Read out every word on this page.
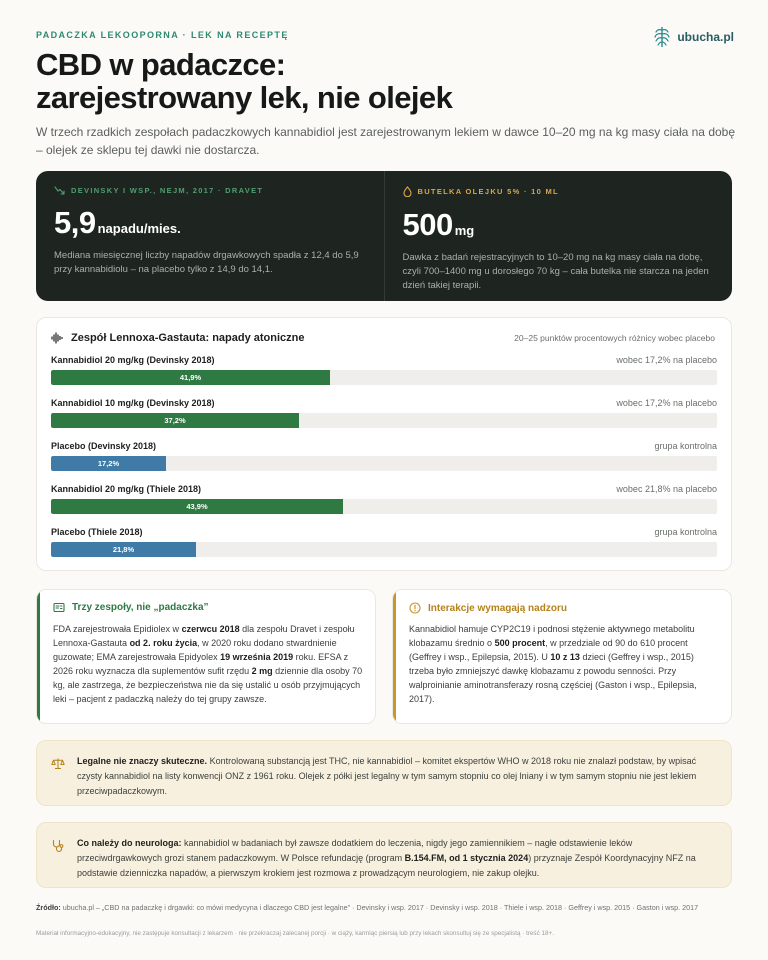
PADACZKA LEKOOPORNA · LEK NA RECEPTĘ	ubucha.pl
CBD w padaczce:
zarejestrowany lek, nie olejek

W trzech rzadkich zespołach padaczkowych kannabidiol jest zarejestrowanym lekiem w dawce 10–20 mg na kg masy ciała na dobę – olejek ze sklepu tej dawki nie dostarcza.

DEVINSKY I WSP., NEJM, 2017 · DRAVET
5,9 napadu/mies.

Mediana miesięcznej liczby napadów drgawkowych spadła z 12,4 do 5,9 przy kannabidiolu – na placebo tylko z 14,9 do 14,1.

BUTELKA OLEJKU 5% · 10 ML
500 mg

Dawka z badań rejestracyjnych to 10–20 mg na kg masy ciała na dobę, czyli 700–1400 mg u dorosłego 70 kg – cała butelka nie starcza na jeden dzień takiej terapii.

Zespół Lennoxa-Gastauta: napady atoniczne	20–25 punktów procentowych różnicy wobec placebo
Kannabidiol 20 mg/kg (Devinsky 2018)	wobec 17,2% na placebo
41,9%
Kannabidiol 10 mg/kg (Devinsky 2018)	wobec 17,2% na placebo
37,2%
Placebo (Devinsky 2018)	grupa kontrolna
17,2%
Kannabidiol 20 mg/kg (Thiele 2018)	wobec 21,8% na placebo
43,9%
Placebo (Thiele 2018)	grupa kontrolna
21,8%
Trzy zespoły, nie „padaczka”

FDA zarejestrowała Epidiolex w czerwcu 2018 dla zespołu Dravet i zespołu Lennoxa-Gastauta od 2. roku życia, w 2020 roku dodano stwardnienie guzowate; EMA zarejestrowała Epidyolex 19 września 2019 roku. EFSA z 2026 roku wyznacza dla suplementów sufit rzędu 2 mg dziennie dla osoby 70 kg, ale zastrzega, że bezpieczeństwa nie da się ustalić u osób przyjmujących leki – pacjent z padaczką należy do tej grupy zawsze.

Interakcje wymagają nadzoru

Kannabidiol hamuje CYP2C19 i podnosi stężenie aktywnego metabolitu klobazamu średnio o 500 procent, w przedziale od 90 do 610 procent (Geffrey i wsp., Epilepsia, 2015). U 10 z 13 dzieci (Geffrey i wsp., 2015) trzeba było zmniejszyć dawkę klobazamu z powodu senności. Przy walproinianie aminotransferazy rosną częściej (Gaston i wsp., Epilepsia, 2017).

Legalne nie znaczy skuteczne. Kontrolowaną substancją jest THC, nie kannabidiol – komitet ekspertów WHO w 2018 roku nie znalazł podstaw, by wpisać czysty kannabidiol na listy konwencji ONZ z 1961 roku. Olejek z półki jest legalny w tym samym stopniu co olej lniany i w tym samym stopniu nie jest lekiem przeciwpadaczkowym.

Co należy do neurologa: kannabidiol w badaniach był zawsze dodatkiem do leczenia, nigdy jego zamiennikiem – nagłe odstawienie leków przeciwdrgawkowych grozi stanem padaczkowym. W Polsce refundację (program B.154.FM, od 1 stycznia 2024) przyznaje Zespół Koordynacyjny NFZ na podstawie dzienniczka napadów, a pierwszym krokiem jest rozmowa z prowadzącym neurologiem, nie zakup olejku.

Źródło: ubucha.pl – „CBD na padaczkę i drgawki: co mówi medycyna i dlaczego CBD jest legalne” · Devinsky i wsp. 2017 · Devinsky i wsp. 2018 · Thiele i wsp. 2018 · Geffrey i wsp. 2015 · Gaston i wsp. 2017

Materiał informacyjno-edukacyjny, nie zastępuje konsultacji z lekarzem · nie przekraczaj zalecanej porcji · w ciąży, karmiąc piersią lub przy lekach skonsultuj się ze specjalistą · treść 18+.
